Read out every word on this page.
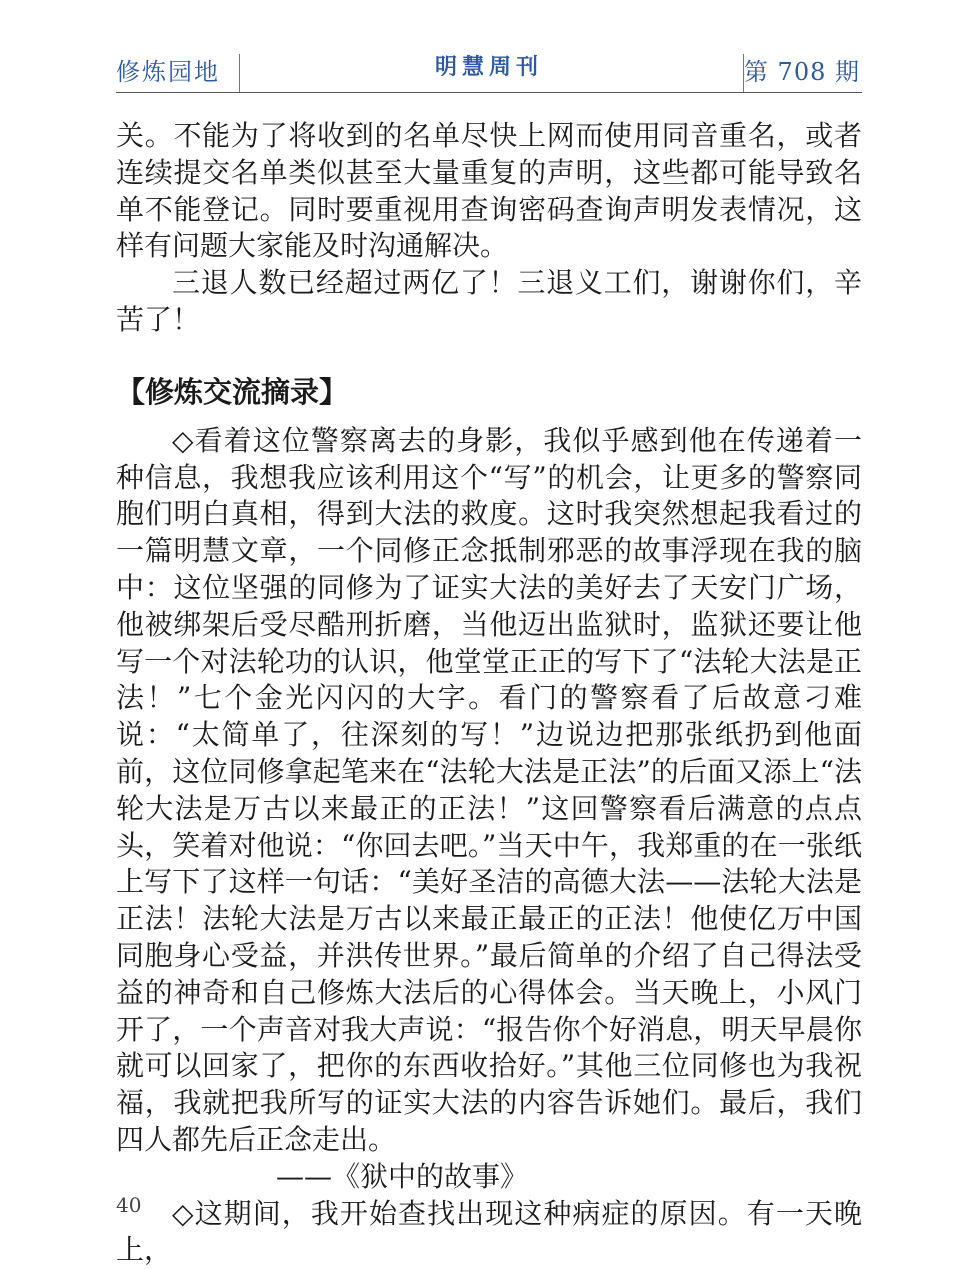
修炼园地	明慧周刊	第 708 期

关。不能为了将收到的名单尽快上网而使用同音重名，或者连续提交名单类似甚至大量重复的声明，这些都可能导致名单不能登记。同时要重视用查询密码查询声明发表情况，这样有问题大家能及时沟通解决。

三退人数已经超过两亿了！三退义工们，谢谢你们，辛苦了！

【修炼交流摘录】

◇看着这位警察离去的身影，我似乎感到他在传递着一种信息，我想我应该利用这个“写”的机会，让更多的警察同胞们明白真相，得到大法的救度。这时我突然想起我看过的一篇明慧文章，一个同修正念抵制邪恶的故事浮现在我的脑中：这位坚强的同修为了证实大法的美好去了天安门广场，他被绑架后受尽酷刑折磨，当他迈出监狱时，监狱还要让他写一个对法轮功的认识，他堂堂正正的写下了“法轮大法是正法！”七个金光闪闪的大字。看门的警察看了后故意刁难说：“太简单了，往深刻的写！”边说边把那张纸扔到他面前，这位同修拿起笔来在“法轮大法是正法”的后面又添上“法轮大法是万古以来最正的正法！”这回警察看后满意的点点头，笑着对他说：“你回去吧。”当天中午，我郑重的在一张纸上写下了这样一句话：“美好圣洁的高德大法——法轮大法是正法！法轮大法是万古以来最正最正的正法！他使亿万中国同胞身心受益，并洪传世界。”最后简单的介绍了自己得法受益的神奇和自己修炼大法后的心得体会。当天晚上，小风门开了，一个声音对我大声说：“报告你个好消息，明天早晨你就可以回家了，把你的东西收拾好。”其他三位同修也为我祝福，我就把我所写的证实大法的内容告诉她们。最后，我们四人都先后正念走出。

——《狱中的故事》

◇这期间，我开始查找出现这种病症的原因。有一天晚上，

40
